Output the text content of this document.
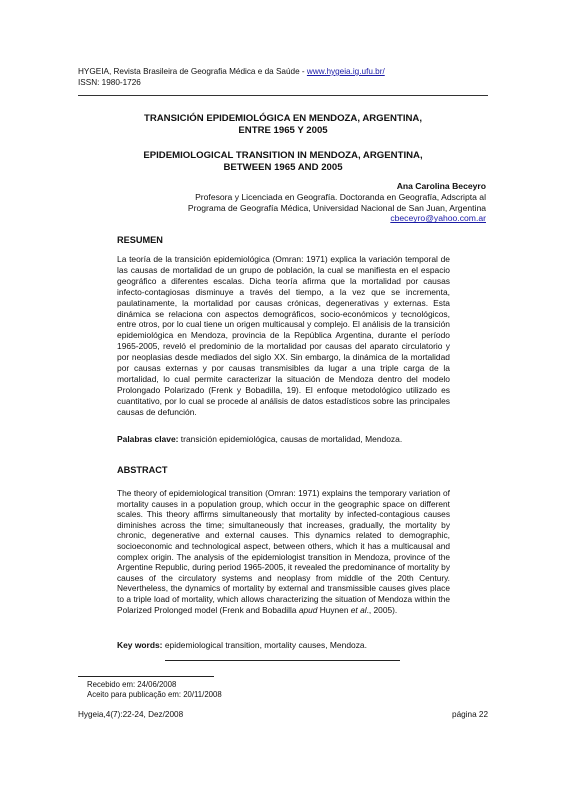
HYGEIA, Revista Brasileira de Geografia Médica e da Saúde - www.hygeia.ig.ufu.br/
ISSN: 1980-1726
TRANSICIÓN EPIDEMIOLÓGICA EN MENDOZA, ARGENTINA,
ENTRE 1965 Y 2005
EPIDEMIOLOGICAL TRANSITION IN MENDOZA, ARGENTINA,
BETWEEN 1965 AND 2005
Ana Carolina Beceyro
Profesora y Licenciada en Geografía. Doctoranda en Geografía, Adscripta al
Programa de Geografía Médica, Universidad Nacional de San Juan, Argentina
cbeceyro@yahoo.com.ar
RESUMEN
La teoría de la transición epidemiológica (Omran: 1971) explica la variación temporal de las causas de mortalidad de un grupo de población, la cual se manifiesta en el espacio geográfico a diferentes escalas. Dicha teoría afirma que la mortalidad por causas infecto-contagiosas disminuye a través del tiempo, a la vez que se incrementa, paulatinamente, la mortalidad por causas crónicas, degenerativas y externas. Esta dinámica se relaciona con aspectos demográficos, socio-económicos y tecnológicos, entre otros, por lo cual tiene un origen multicausal y complejo. El análisis de la transición epidemiológica en Mendoza, provincia de la República Argentina, durante el período 1965-2005, reveló el predominio de la mortalidad por causas del aparato circulatorio y por neoplasias desde mediados del siglo XX. Sin embargo, la dinámica de la mortalidad por causas externas y por causas transmisibles da lugar a una triple carga de la mortalidad, lo cual permite caracterizar la situación de Mendoza dentro del modelo Prolongado Polarizado (Frenk y Bobadilla, 19). El enfoque metodológico utilizado es cuantitativo, por lo cual se procede al análisis de datos estadísticos sobre las principales causas de defunción.
Palabras clave: transición epidemiológica, causas de mortalidad, Mendoza.
ABSTRACT
The theory of epidemiological transition (Omran: 1971) explains the temporary variation of mortality causes in a population group, which occur in the geographic space on different scales. This theory affirms simultaneously that mortality by infected-contagious causes diminishes across the time; simultaneously that increases, gradually, the mortality by chronic, degenerative and external causes. This dynamics related to demographic, socioeconomic and technological aspect, between others, which it has a multicausal and complex origin. The analysis of the epidemiologist transition in Mendoza, province of the Argentine Republic, during period 1965-2005, it revealed the predominance of mortality by causes of the circulatory systems and neoplasy from middle of the 20th Century. Nevertheless, the dynamics of mortality by external and transmissible causes gives place to a triple load of mortality, which allows characterizing the situation of Mendoza within the Polarized Prolonged model (Frenk and Bobadilla apud Huynen et al., 2005).
Key words: epidemiological transition, mortality causes, Mendoza.
Recebido em: 24/06/2008
Aceito para publicação em: 20/11/2008
Hygeia,4(7):22-24, Dez/2008	página 22
